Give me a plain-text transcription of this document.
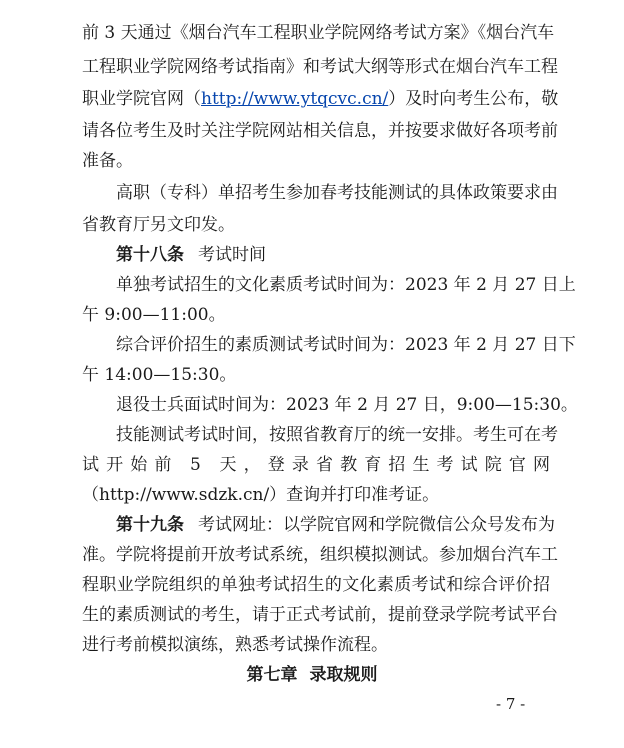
前 3 天通过《烟台汽车工程职业学院网络考试方案》《烟台汽车
工程职业学院网络考试指南》和考试大纲等形式在烟台汽车工程
职业学院官网（http://www.ytqcvc.cn/）及时向考生公布，敬
请各位考生及时关注学院网站相关信息，并按要求做好各项考前
准备。
高职（专科）单招考生参加春考技能测试的具体政策要求由
省教育厅另文印发。
第十八条 考试时间
单独考试招生的文化素质考试时间为：2023 年 2 月 27 日上
午 9:00—11:00。
综合评价招生的素质测试考试时间为：2023 年 2 月 27 日下
午 14:00—15:30。
退役士兵面试时间为：2023 年 2 月 27 日，9:00—15:30。
技能测试考试时间，按照省教育厅的统一安排。考生可在考
试 开 始 前　5　天 ， 登 录 省 教 育 招 生 考 试 院 官 网
（http://www.sdzk.cn/）查询并打印准考证。
第十九条 考试网址：以学院官网和学院微信公众号发布为
准。学院将提前开放考试系统，组织模拟测试。参加烟台汽车工
程职业学院组织的单独考试招生的文化素质考试和综合评价招
生的素质测试的考生，请于正式考试前，提前登录学院考试平台
进行考前模拟演练，熟悉考试操作流程。
第七章 录取规则
- 7 -
